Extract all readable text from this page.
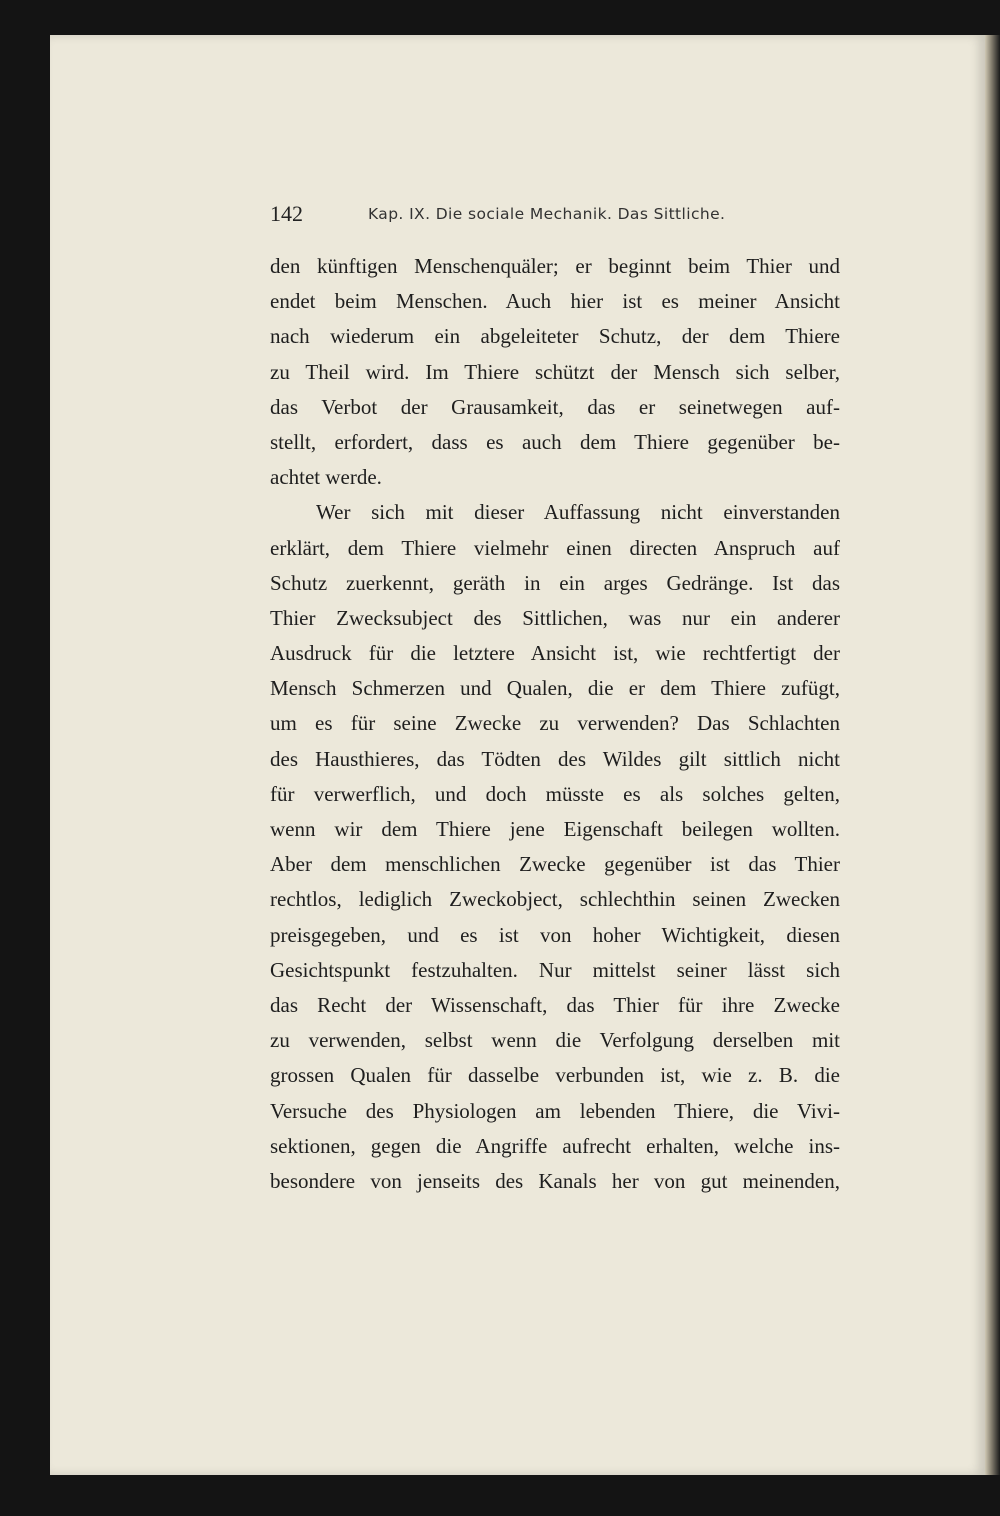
142	Kap. IX. Die sociale Mechanik. Das Sittliche.
den künftigen Menschenquäler; er beginnt beim Thier und
endet beim Menschen. Auch hier ist es meiner Ansicht
nach wiederum ein abgeleiteter Schutz, der dem Thiere
zu Theil wird. Im Thiere schützt der Mensch sich selber,
das Verbot der Grausamkeit, das er seinetwegen auf-
stellt, erfordert, dass es auch dem Thiere gegenüber be-
achtet werde.
Wer sich mit dieser Auffassung nicht einverstanden
erklärt, dem Thiere vielmehr einen directen Anspruch auf
Schutz zuerkennt, geräth in ein arges Gedränge. Ist das
Thier Zwecksubject des Sittlichen, was nur ein anderer
Ausdruck für die letztere Ansicht ist, wie rechtfertigt der
Mensch Schmerzen und Qualen, die er dem Thiere zufügt,
um es für seine Zwecke zu verwenden? Das Schlachten
des Hausthieres, das Tödten des Wildes gilt sittlich nicht
für verwerflich, und doch müsste es als solches gelten,
wenn wir dem Thiere jene Eigenschaft beilegen wollten.
Aber dem menschlichen Zwecke gegenüber ist das Thier
rechtlos, lediglich Zweckobject, schlechthin seinen Zwecken
preisgegeben, und es ist von hoher Wichtigkeit, diesen
Gesichtspunkt festzuhalten. Nur mittelst seiner lässt sich
das Recht der Wissenschaft, das Thier für ihre Zwecke
zu verwenden, selbst wenn die Verfolgung derselben mit
grossen Qualen für dasselbe verbunden ist, wie z. B. die
Versuche des Physiologen am lebenden Thiere, die Vivi-
sektionen, gegen die Angriffe aufrecht erhalten, welche ins-
besondere von jenseits des Kanals her von gut meinenden,
